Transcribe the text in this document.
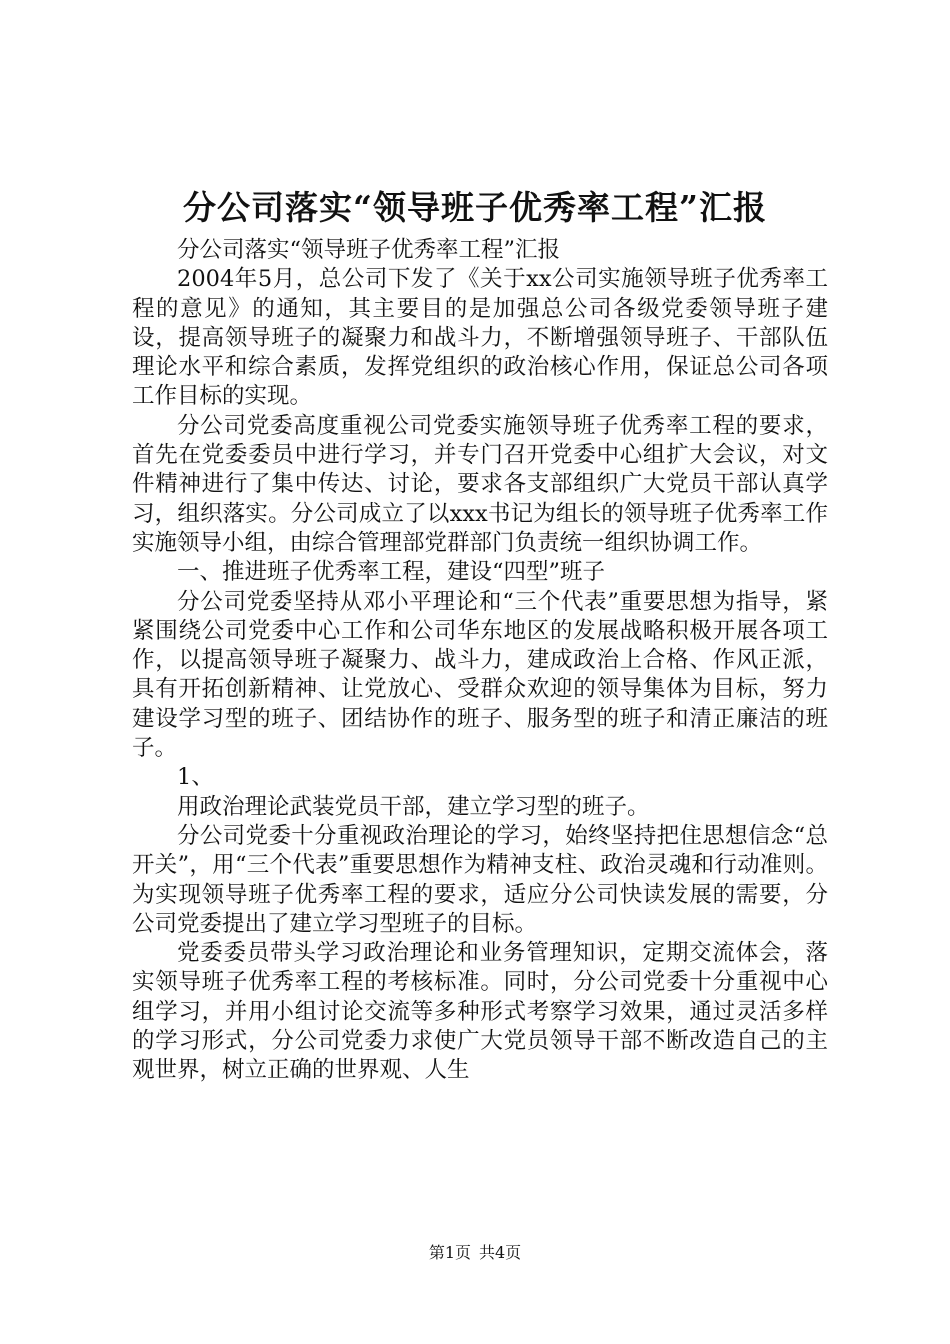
分公司落实“领导班子优秀率工程”汇报

分公司落实“领导班子优秀率工程”汇报

2004年5月，总公司下发了《关于xx公司实施领导班子优秀率工程的意见》的通知，其主要目的是加强总公司各级党委领导班子建设，提高领导班子的凝聚力和战斗力，不断增强领导班子、干部队伍理论水平和综合素质，发挥党组织的政治核心作用，保证总公司各项工作目标的实现。

分公司党委高度重视公司党委实施领导班子优秀率工程的要求，首先在党委委员中进行学习，并专门召开党委中心组扩大会议，对文件精神进行了集中传达、讨论，要求各支部组织广大党员干部认真学习，组织落实。分公司成立了以xxx书记为组长的领导班子优秀率工作实施领导小组，由综合管理部党群部门负责统一组织协调工作。

一、推进班子优秀率工程，建设“四型”班子

分公司党委坚持从邓小平理论和“三个代表”重要思想为指导，紧紧围绕公司党委中心工作和公司华东地区的发展战略积极开展各项工作，以提高领导班子凝聚力、战斗力，建成政治上合格、作风正派，具有开拓创新精神、让党放心、受群众欢迎的领导集体为目标，努力建设学习型的班子、团结协作的班子、服务型的班子和清正廉洁的班子。

1、

用政治理论武装党员干部，建立学习型的班子。

分公司党委十分重视政治理论的学习，始终坚持把住思想信念“总开关”，用“三个代表”重要思想作为精神支柱、政治灵魂和行动准则。为实现领导班子优秀率工程的要求，适应分公司快读发展的需要，分公司党委提出了建立学习型班子的目标。

党委委员带头学习政治理论和业务管理知识，定期交流体会，落实领导班子优秀率工程的考核标准。同时，分公司党委十分重视中心组学习，并用小组讨论交流等多种形式考察学习效果，通过灵活多样的学习形式，分公司党委力求使广大党员领导干部不断改造自己的主观世界，树立正确的世界观、人生

第1页 共4页
